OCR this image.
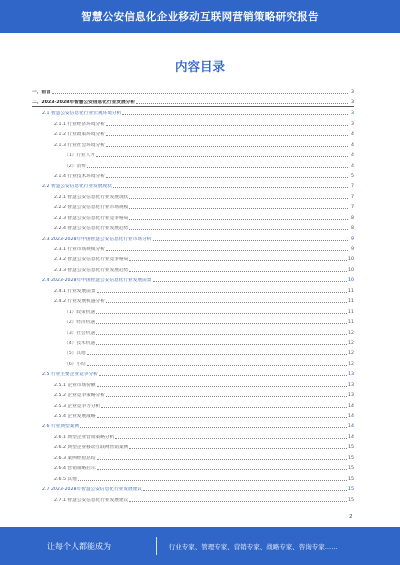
智慧公安信息化企业移动互联网营销策略研究报告
内容目录
一、前言	3
二、2023-2028年智慧公安信息化行业发展分析	3
2.1 智慧公安信息化行业宏观环境分析	3
2.1.1 行业经济环境分析	3
2.1.2 行业政策环境分析	4
2.1.3 行业社会环境分析	4
（1）行业人才	4
（2）消费	4
2.1.4 行业技术环境分析	5
2.2 智慧公安信息化行业发展现状	7
2.2.1 智慧公安信息化行业发展现状	7
2.2.2 智慧公安信息化行业市场规模	7
2.2.3 智慧公安信息化行业竞争格局	8
2.2.4 智慧公安信息化行业发展趋势	8
2.3 2023-2028年中国智慧公安信息化行业市场分析	9
2.3.1 行业市场规模分析	9
2.3.2 智慧公安信息化行业竞争格局	10
2.3.3 智慧公安信息化行业发展趋势	10
2.4 2023-2028年中国智慧公安信息化行业发展前景	10
2.4.1 行业发展前景	11
2.4.2 行业发展机遇分析	11
（1）政策机遇	11
（2）经济机遇	11
（3）社会机遇	12
（4）技术机遇	12
（5）其他	12
（6）小结	12
2.5 行业主要企业竞争分析	13
2.5.1 企业市场份额	13
2.5.2 企业竞争策略分析	13
2.5.3 企业竞争力分析	14
2.5.4 企业发展战略	14
2.6 行业典型案例	14
2.6.1 典型企业营销策略分析	14
2.6.2 典型企业移动互联网营销案例	15
2.6.3 案例经验总结	15
2.6.4 营销策略启示	15
2.6.5 其他	15
2.7 2023-2028年智慧公安信息化行业发展建议	15
2.7.1 智慧公安信息化行业发展建议	15
2
让每个人都能成为	行业专家、管理专家、营销专家、战略专家、咨询专家……
